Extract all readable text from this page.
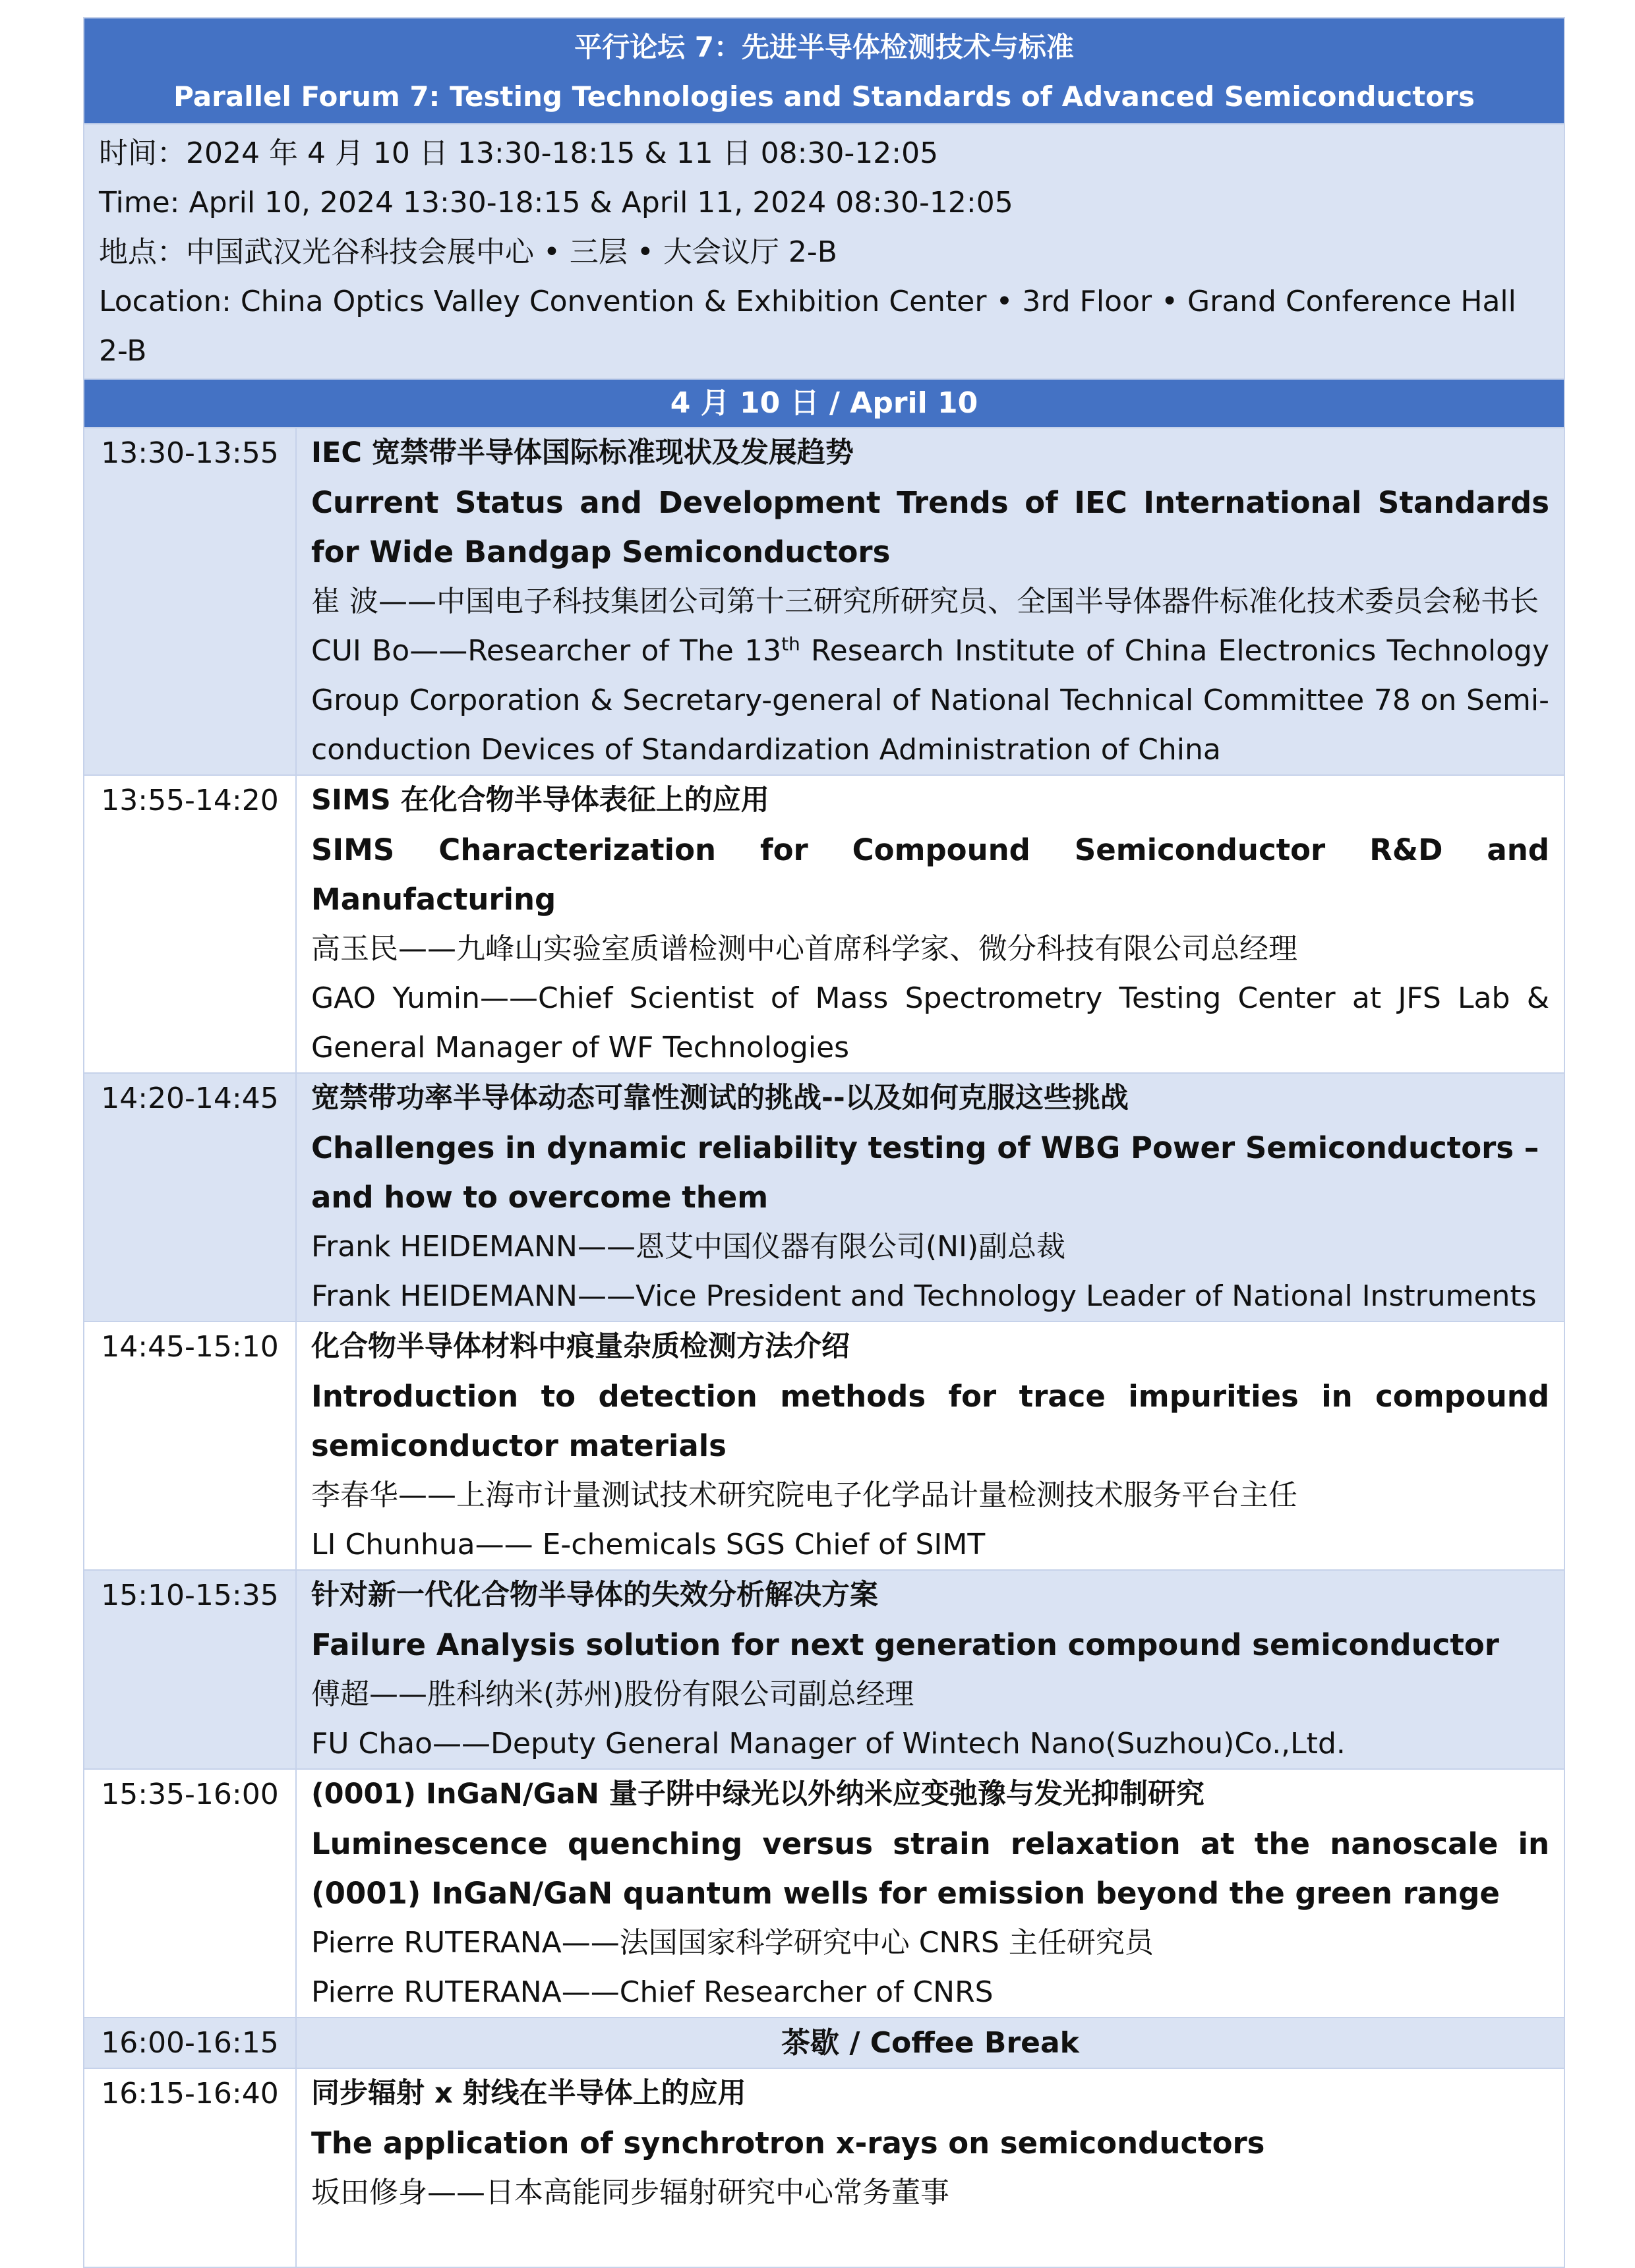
平行论坛 7：先进半导体检测技术与标准
Parallel Forum 7: Testing Technologies and Standards of Advanced Semiconductors	

时间：2024 年 4 月 10 日 13:30-18:15 & 11 日 08:30-12:05
Time: April 10, 2024 13:30-18:15 & April 11, 2024 08:30-12:05
地点：中国武汉光谷科技会展中心 • 三层 • 大会议厅 2-B
Location: China Optics Valley Convention & Exhibition Center • 3rd Floor • Grand Conference Hall 2-B	

4 月 10 日 / April 10	
13:30-13:55	IEC 宽禁带半导体国际标准现状及发展趋势
Current Status and Development Trends of IEC International Standards for Wide Bandgap Semiconductors
崔 波——中国电子科技集团公司第十三研究所研究员、全国半导体器件标准化技术委员会秘书长
CUI Bo——Researcher of The 13th Research Institute of China Electronics Technology Group Corporation & Secretary-general of National Technical Committee 78 on Semi-conduction Devices of Standardization Administration of China

13:55-14:20	SIMS 在化合物半导体表征上的应用
SIMS Characterization for Compound Semiconductor R&D and Manufacturing
高玉民——九峰山实验室质谱检测中心首席科学家、微分科技有限公司总经理
GAO Yumin——Chief Scientist of Mass Spectrometry Testing Center at JFS Lab & General Manager of WF Technologies

14:20-14:45	宽禁带功率半导体动态可靠性测试的挑战--以及如何克服这些挑战
Challenges in dynamic reliability testing of WBG Power Semiconductors – and how to overcome them
Frank HEIDEMANN——恩艾中国仪器有限公司(NI)副总裁
Frank HEIDEMANN——Vice President and Technology Leader of National Instruments

14:45-15:10	化合物半导体材料中痕量杂质检测方法介绍
Introduction to detection methods for trace impurities in compound semiconductor materials
李春华——上海市计量测试技术研究院电子化学品计量检测技术服务平台主任
LI Chunhua—— E-chemicals SGS Chief of SIMT

15:10-15:35	针对新一代化合物半导体的失效分析解决方案
Failure Analysis solution for next generation compound semiconductor
傅超——胜科纳米(苏州)股份有限公司副总经理
FU Chao——Deputy General Manager of Wintech Nano(Suzhou)Co.,Ltd.

15:35-16:00	(0001) InGaN/GaN 量子阱中绿光以外纳米应变弛豫与发光抑制研究
Luminescence quenching versus strain relaxation at the nanoscale in (0001) InGaN/GaN quantum wells for emission beyond the green range
Pierre RUTERANA——法国国家科学研究中心 CNRS 主任研究员
Pierre RUTERANA——Chief Researcher of CNRS

16:00-16:15	茶歇 / Coffee Break
16:15-16:40	同步辐射 x 射线在半导体上的应用
The application of synchrotron x-rays on semiconductors
坂田修身——日本高能同步辐射研究中心常务董事
